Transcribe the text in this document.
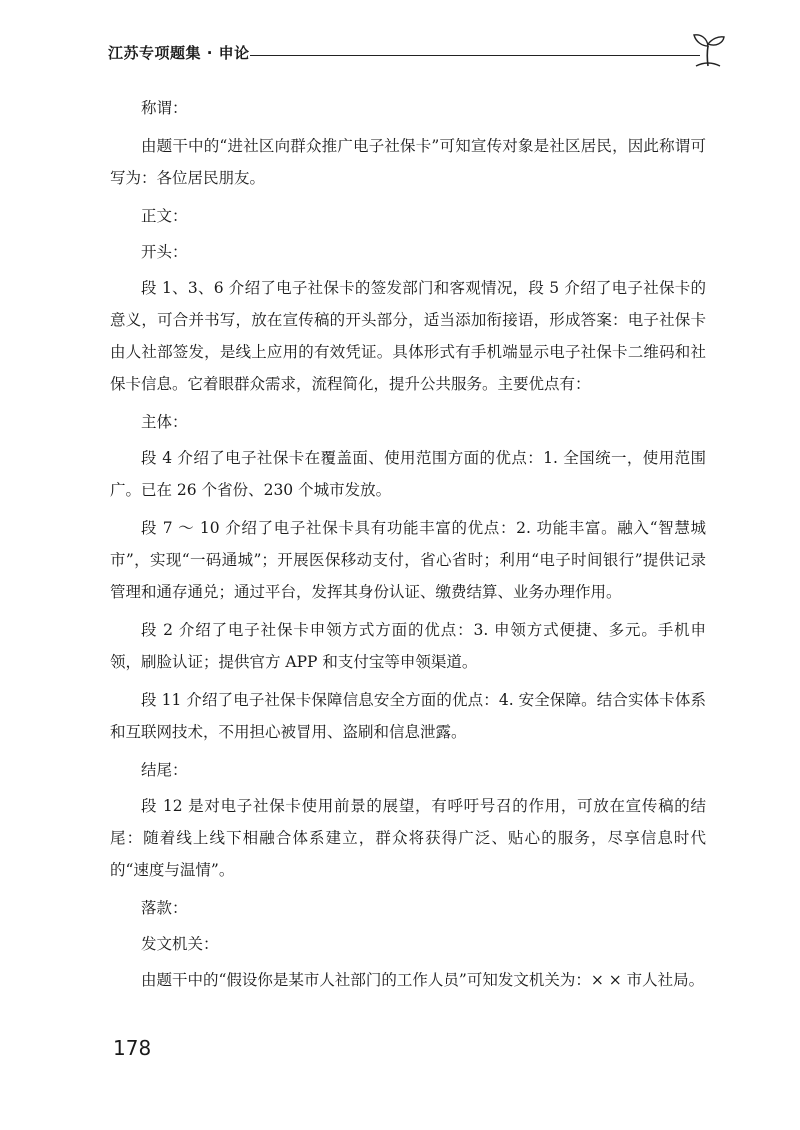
江苏专项题集 · 申论

称谓：

由题干中的“进社区向群众推广电子社保卡”可知宣传对象是社区居民，因此称谓可写为：各位居民朋友。

正文：

开头：

段 1、3、6 介绍了电子社保卡的签发部门和客观情况，段 5 介绍了电子社保卡的意义，可合并书写，放在宣传稿的开头部分，适当添加衔接语，形成答案：电子社保卡由人社部签发，是线上应用的有效凭证。具体形式有手机端显示电子社保卡二维码和社保卡信息。它着眼群众需求，流程简化，提升公共服务。主要优点有：

主体：

段 4 介绍了电子社保卡在覆盖面、使用范围方面的优点：1. 全国统一，使用范围广。已在 26 个省份、230 个城市发放。

段 7 ～ 10 介绍了电子社保卡具有功能丰富的优点：2. 功能丰富。融入“智慧城市”，实现“一码通城”；开展医保移动支付，省心省时；利用“电子时间银行”提供记录管理和通存通兑；通过平台，发挥其身份认证、缴费结算、业务办理作用。

段 2 介绍了电子社保卡申领方式方面的优点：3. 申领方式便捷、多元。手机申领，刷脸认证；提供官方 APP 和支付宝等申领渠道。

段 11 介绍了电子社保卡保障信息安全方面的优点：4. 安全保障。结合实体卡体系和互联网技术，不用担心被冒用、盗刷和信息泄露。

结尾：

段 12 是对电子社保卡使用前景的展望，有呼吁号召的作用，可放在宣传稿的结尾：随着线上线下相融合体系建立，群众将获得广泛、贴心的服务，尽享信息时代的“速度与温情”。

落款：

发文机关：

由题干中的“假设你是某市人社部门的工作人员”可知发文机关为：× × 市人社局。

178
